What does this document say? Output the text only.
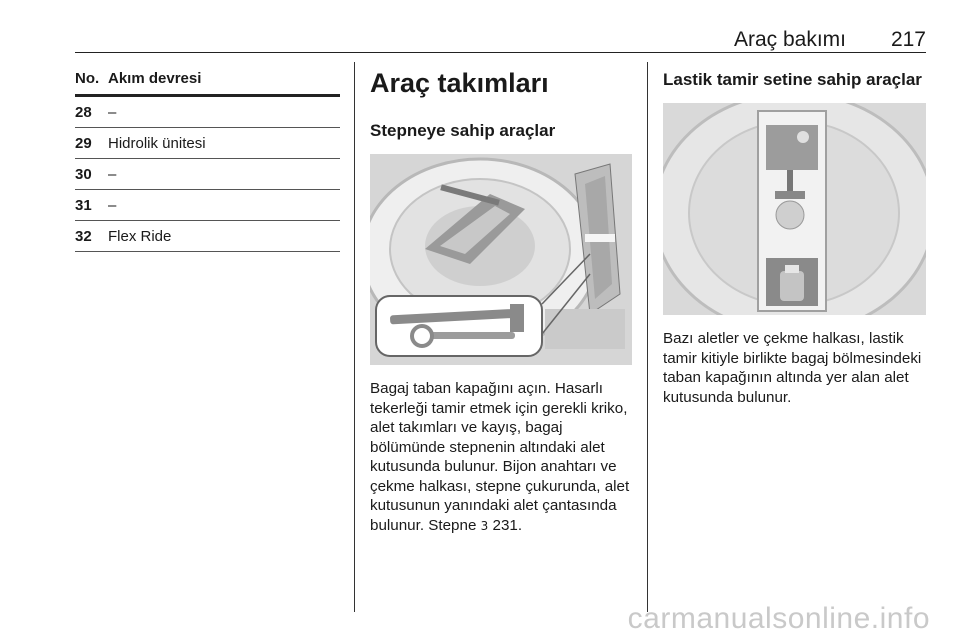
Araç bakımı 217
No. Akım devresi
28	–
29	Hidrolik ünitesi
30	–
31	–
32	Flex Ride
Araç takımları
Stepneye sahip araçlar
Bagaj taban kapağını açın. Hasarlı tekerleği tamir etmek için gerekli kriko, alet takımları ve kayış, bagaj bölümünde stepnenin altındaki alet kutusunda bulunur. Bijon anahtarı ve çekme halkası, stepne çukurunda, alet kutusunun yanındaki alet çantasında bulunur. Stepne 3 231.
Lastik tamir setine sahip araçlar
Bazı aletler ve çekme halkası, lastik tamir kitiyle birlikte bagaj bölmesindeki taban kapağının altında yer alan alet kutusunda bulunur.
carmanualsonline.info
